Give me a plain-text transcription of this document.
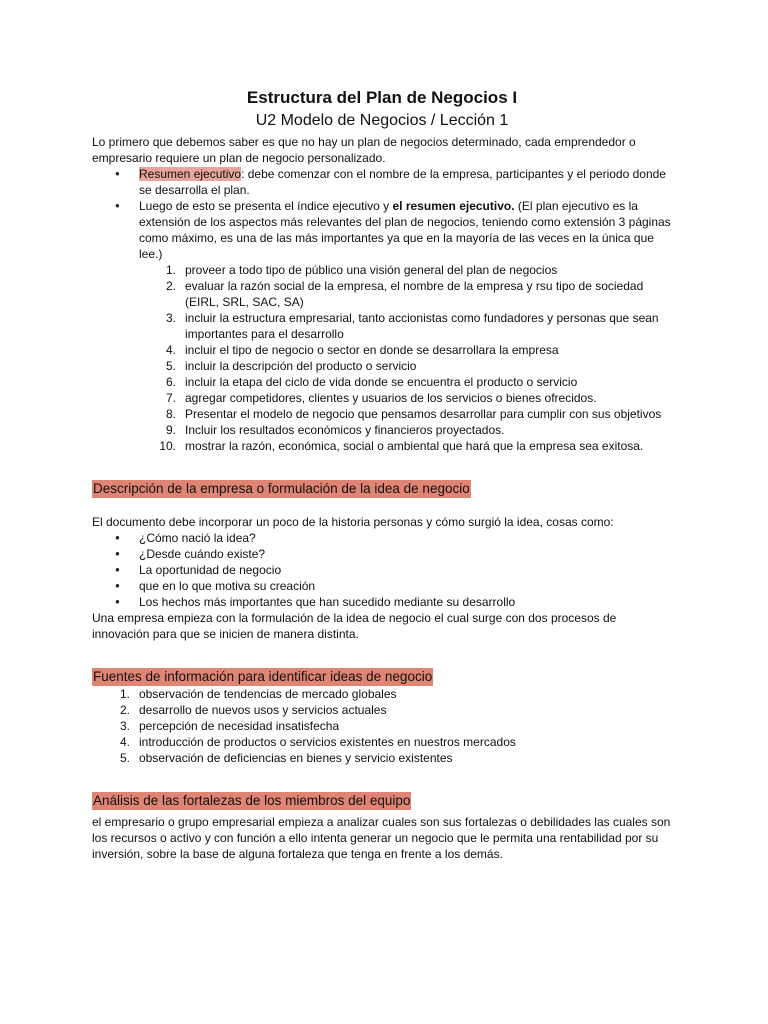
Estructura del Plan de Negocios I
U2 Modelo de Negocios / Lección 1

Lo primero que debemos saber es que no hay un plan de negocios determinado, cada emprendedor o empresario requiere un plan de negocio personalizado.

● Resumen ejecutivo: debe comenzar con el nombre de la empresa, participantes y el periodo donde se desarrolla el plan.
● Luego de esto se presenta el índice ejecutivo y el resumen ejecutivo. (El plan ejecutivo es la extensión de los aspectos más relevantes del plan de negocios, teniendo como extensión 3 páginas como máximo, es una de las más importantes ya que en la mayoría de las veces en la única que lee.)
1. proveer a todo tipo de público una visión general del plan de negocios
2. evaluar la razón social de la empresa, el nombre de la empresa y rsu tipo de sociedad (EIRL, SRL, SAC, SA)
3. incluir la estructura empresarial, tanto accionistas como fundadores y personas que sean importantes para el desarrollo
4. incluir el tipo de negocio o sector en donde se desarrollara la empresa
5. incluir la descripción del producto o servicio
6. incluir la etapa del ciclo de vida donde se encuentra el producto o servicio
7. agregar competidores, clientes y usuarios de los servicios o bienes ofrecidos.
8. Presentar el modelo de negocio que pensamos desarrollar para cumplir con sus objetivos
9. Incluir los resultados económicos y financieros proyectados.
10. mostrar la razón, económica, social o ambiental que hará que la empresa sea exitosa.
Descripción de la empresa o formulación de la idea de negocio

El documento debe incorporar un poco de la historia personas y cómo surgió la idea, cosas como:

● ¿Cómo nació la idea?
● ¿Desde cuándo existe?
● La oportunidad de negocio
● que en lo que motiva su creación
● Los hechos más importantes que han sucedido mediante su desarrollo

Una empresa empieza con la formulación de la idea de negocio el cual surge con dos procesos de innovación para que se inicien de manera distinta.

Fuentes de información para identificar ideas de negocio
1. observación de tendencias de mercado globales
2. desarrollo de nuevos usos y servicios actuales
3. percepción de necesidad insatisfecha
4. introducción de productos o servicios existentes en nuestros mercados
5. observación de deficiencias en bienes y servicio existentes
Análisis de las fortalezas de los miembros del equipo

el empresario o grupo empresarial empieza a analizar cuales son sus fortalezas o debilidades las cuales son los recursos o activo y con función a ello intenta generar un negocio que le permita una rentabilidad por su inversión, sobre la base de alguna fortaleza que tenga en frente a los demás.
